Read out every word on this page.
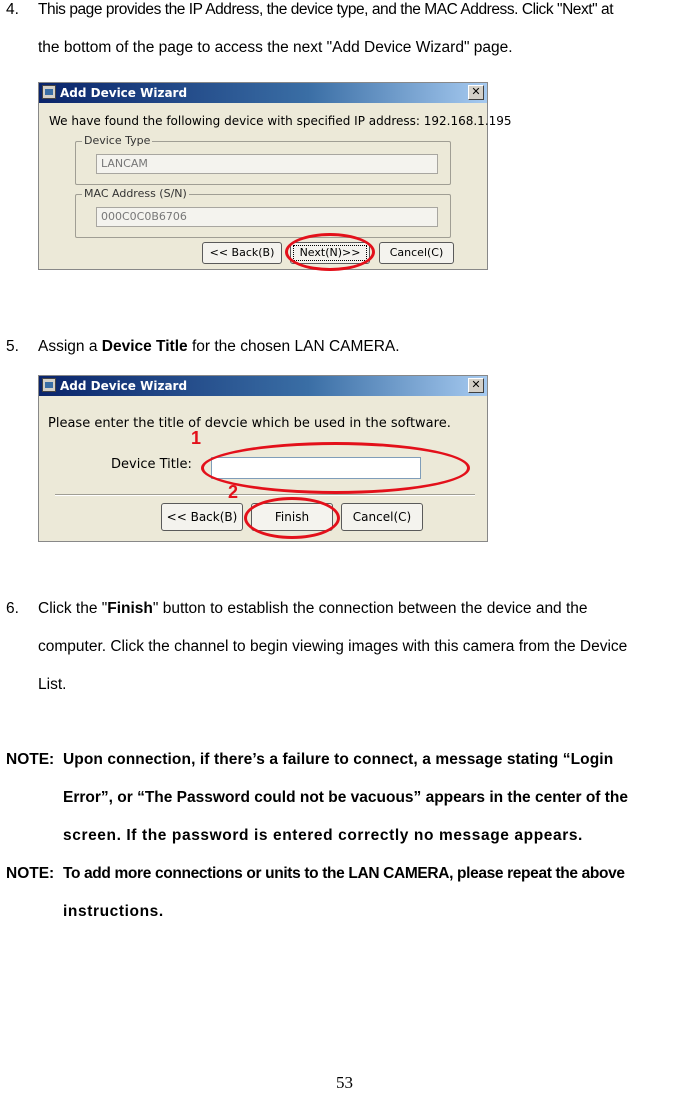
4. This page provides the IP Address, the device type, and the MAC Address. Click "Next" at
the bottom of the page to access the next "Add Device Wizard" page.
Add Device Wizard	✕
We have found the following device with specified IP address: 192.168.1.195
Device Type
LANCAM
MAC Address (S/N)
000C0C0B6706
<< Back(B)	Next(N)>>	Cancel(C)
5. Assign a Device Title for the chosen LAN CAMERA.
Add Device Wizard	✕
Please enter the title of devcie which be used in the software.
Device Title:
<< Back(B)	Finish	Cancel(C)
1
2
6. Click the "Finish" button to establish the connection between the device and the
computer. Click the channel to begin viewing images with this camera from the Device
List.
NOTE: Upon connection, if there’s a failure to connect, a message stating “Login
Error”, or “The Password could not be vacuous” appears in the center of the
screen. If the password is entered correctly no message appears.
NOTE: To add more connections or units to the LAN CAMERA, please repeat the above
instructions.
53
